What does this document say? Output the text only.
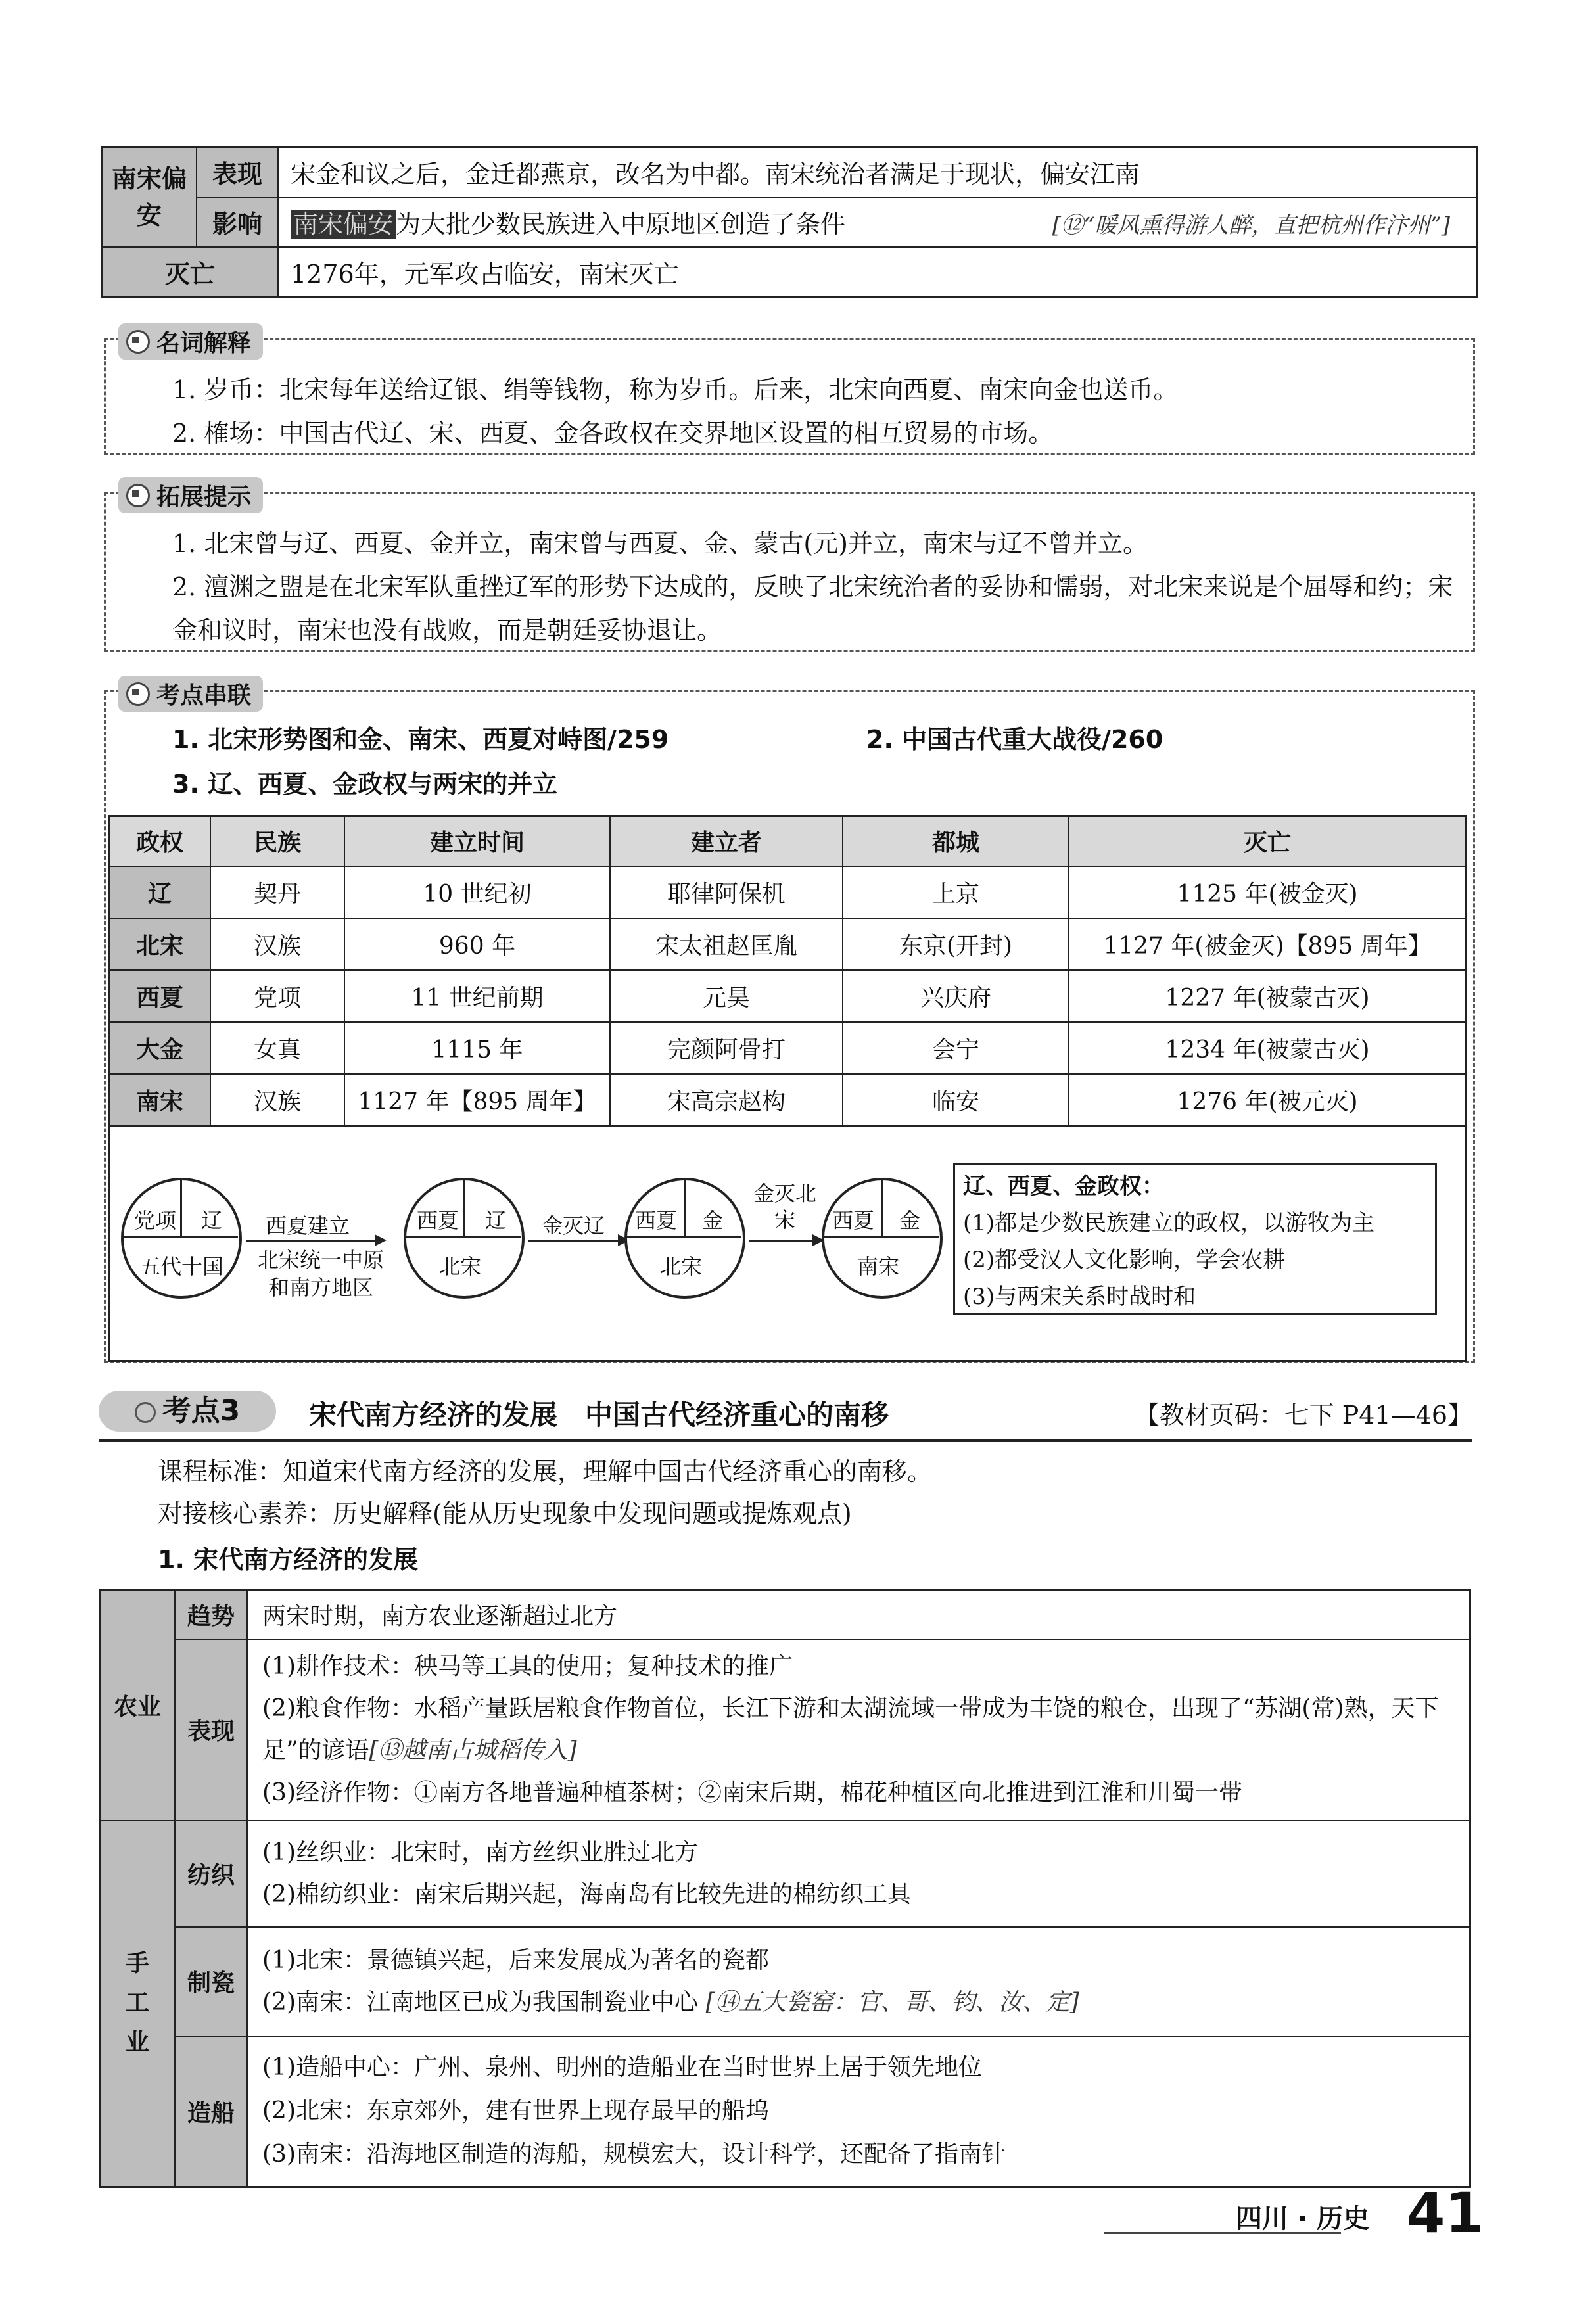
南宋偏安	表现	宋金和议之后，金迁都燕京，改名为中都。南宋统治者满足于现状，偏安江南
	影响	南宋偏安 为大批少数民族进入中原地区创造了条件 [⑫“暖风熏得游人醉，直把杭州作汴州”]

灭亡		1276年，元军攻占临安，南宋灭亡
名词解释
1. 岁币：北宋每年送给辽银、绢等钱物，称为岁币。后来，北宋向西夏、南宋向金也送币。
2. 榷场：中国古代辽、宋、西夏、金各政权在交界地区设置的相互贸易的市场。
拓展提示
1. 北宋曾与辽、西夏、金并立，南宋曾与西夏、金、蒙古(元)并立，南宋与辽不曾并立。
2. 澶渊之盟是在北宋军队重挫辽军的形势下达成的，反映了北宋统治者的妥协和懦弱，对北宋来说是个屈辱和约；宋金和议时，南宋也没有战败，而是朝廷妥协退让。
考点串联
1. 北宋形势图和金、南宋、西夏对峙图/259	2. 中国古代重大战役/260
3. 辽、西夏、金政权与两宋的并立
政权	民族	建立时间	建立者	都城	灭亡
辽	契丹	10 世纪初	耶律阿保机	上京	1125 年(被金灭)
北宋	汉族	960 年	宋太祖赵匡胤	东京(开封)	1127 年(被金灭)【895 周年】
西夏	党项	11 世纪前期	元昊	兴庆府	1227 年(被蒙古灭)
大金	女真	1115 年	完颜阿骨打	会宁	1234 年(被蒙古灭)
南宋	汉族	1127 年【895 周年】	宋高宗赵构	临安	1276 年(被元灭)

党项 辽
五代十国
西夏建立
北宋统一中原和南方地区
西夏 辽
北宋
金灭辽 西夏 金
北宋
金灭北宋	西夏 金
南宋
辽、西夏、金政权：
(1)都是少数民族建立的政权，以游牧为主
(2)都受汉人文化影响，学会农耕
(3)与两宋关系时战时和
考点3	宋代南方经济的发展　中国古代经济重心的南移	【教材页码：七下 P41—46】
课程标准：知道宋代南方经济的发展，理解中国古代经济重心的南移。
对接核心素养：历史解释(能从历史现象中发现问题或提炼观点)
1. 宋代南方经济的发展
农业	趋势	两宋时期，南方农业逐渐超过北方
	表现	(1)耕作技术：秧马等工具的使用；复种技术的推广
(2)粮食作物：水稻产量跃居粮食作物首位，长江下游和太湖流域一带成为丰饶的粮仓，出现了“苏湖(常)熟，天下足”的谚语[⑬越南占城稻传入]
(3)经济作物：①南方各地普遍种植茶树；②南宋后期，棉花种植区向北推进到江淮和川蜀一带

手工业	纺织	(1)丝织业：北宋时，南方丝织业胜过北方
(2)棉纺织业：南宋后期兴起，海南岛有比较先进的棉纺织工具

	制瓷	(1)北宋：景德镇兴起，后来发展成为著名的瓷都
(2)南宋：江南地区已成为我国制瓷业中心 [⑭五大瓷窑：官、哥、钧、汝、定]

	造船	(1)造船中心：广州、泉州、明州的造船业在当时世界上居于领先地位
(2)北宋：东京郊外，建有世界上现存最早的船坞
(3)南宋：沿海地区制造的海船，规模宏大，设计科学，还配备了指南针
四川 · 历史 41
